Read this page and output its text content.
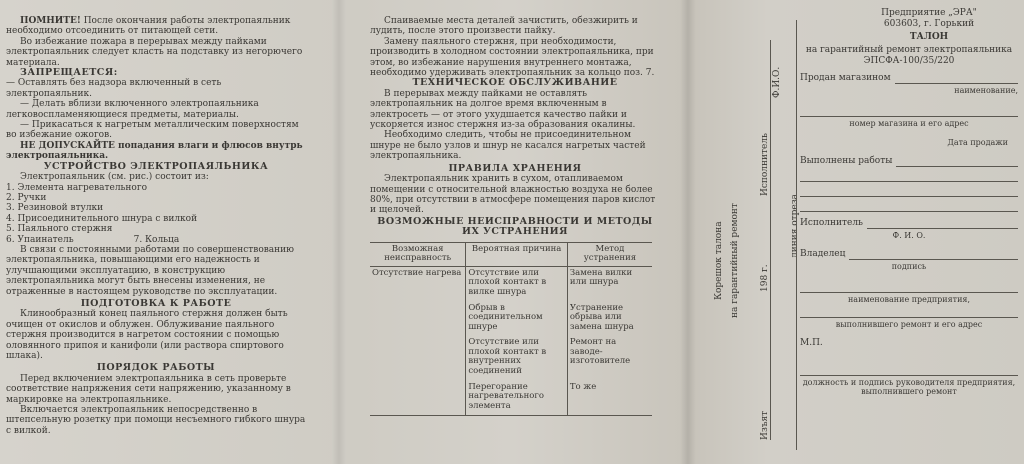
ПОМНИТЕ! После окончания работы электропаяльник необходимо отсоединить от питающей сети.

Во избежание пожара в перерывах между пайками электропаяльник следует класть на подставку из негорючего материала.

ЗАПРЕЩАЕТСЯ:

— Оставлять без надзора включенный в сеть электропаяльник.

— Делать вблизи включенного электропаяльника легковоспламеняющиеся предметы, материалы.

— Прикасаться к нагретым металлическим поверхностям во избежание ожогов.

НЕ ДОПУСКАЙТЕ попадания влаги и флюсов внутрь электропаяльника.

УСТРОЙСТВО ЭЛЕКТРОПАЯЛЬНИКА

Электропаяльник (см. рис.) состоит из:

1. Элемента нагревательного

2. Ручки

3. Резиновой втулки

4. Присоединительного шнура с вилкой

5. Паяльного стержня

6. Упаинатель	7. Кольца

В связи с постоянными работами по совершенствованию электропаяльника, повышающими его надежность и улучшающими эксплуатацию, в конструкцию электропаяльника могут быть внесены изменения, не отраженные в настоящем руководстве по эксплуатации.

ПОДГОТОВКА К РАБОТЕ

Клинообразный конец паяльного стержня должен быть очищен от окислов и облужен. Облуживание паяльного стержня производится в нагретом состоянии с помощью оловянного припоя и канифоли (или раствора спиртового шлака).

ПОРЯДОК РАБОТЫ

Перед включением электропаяльника в сеть проверьте соответствие напряжения сети напряжению, указанному в маркировке на электропаяльнике.

Включается электропаяльник непосредственно в штепсельную розетку при помощи несъемного гибкого шнура с вилкой.

Спаиваемые места деталей зачистить, обезжирить и лудить, после этого произвести пайку.

Замену паяльного стержня, при необходимости, производить в холодном состоянии электропаяльника, при этом, во избежание нарушения внутреннего монтажа, необходимо удерживать электропаяльник за кольцо поз. 7.

ТЕХНИЧЕСКОЕ ОБСЛУЖИВАНИЕ

В перерывах между пайками не оставлять электропаяльник на долгое время включенным в электросеть — от этого ухудшается качество пайки и ускоряется износ стержня из-за образования окалины.

Необходимо следить, чтобы не присоединительном шнуре не было узлов и шнур не касался нагретых частей электропаяльника.

ПРАВИЛА ХРАНЕНИЯ

Электропаяльник хранить в сухом, отапливаемом помещении с относительной влажностью воздуха не более 80%, при отсутствии в атмосфере помещения паров кислот и щелочей.

ВОЗМОЖНЫЕ НЕИСПРАВНОСТИ И МЕТОДЫ ИХ УСТРАНЕНИЯ

Возможная неисправность	Вероятная причина	Метод устранения
Отсутствие нагрева	Отсутствие или плохой контакт в вилке шнура	Замена вилки или шнура
	Обрыв в соединительном шнуре	Устранение обрыва или замена шнура
	Отсутствие или плохой контакт в внутренних соединений	Ремонт на заводе-изготовителе
	Перегорание нагревательного элемента	То же
Корешок талона на гарантийный ремонт
Изъят
198 г.
Исполнитель
Ф.И.О.
линия отреза

Предприятие „ЭРА"

603603, г. Горький

ТАЛОН

на гарантийный ремонт электропаяльника ЭПСФА-100/35/220

Продан магазином

наименование,

номер магазина и его адрес

Дата продажи

Выполнены работы
Исполнитель

Ф. И. О.

Владелец

подпись

наименование предприятия,

выполнившего ремонт и его адрес

М.П.

должность и подпись руководителя предприятия, выполнившего ремонт
